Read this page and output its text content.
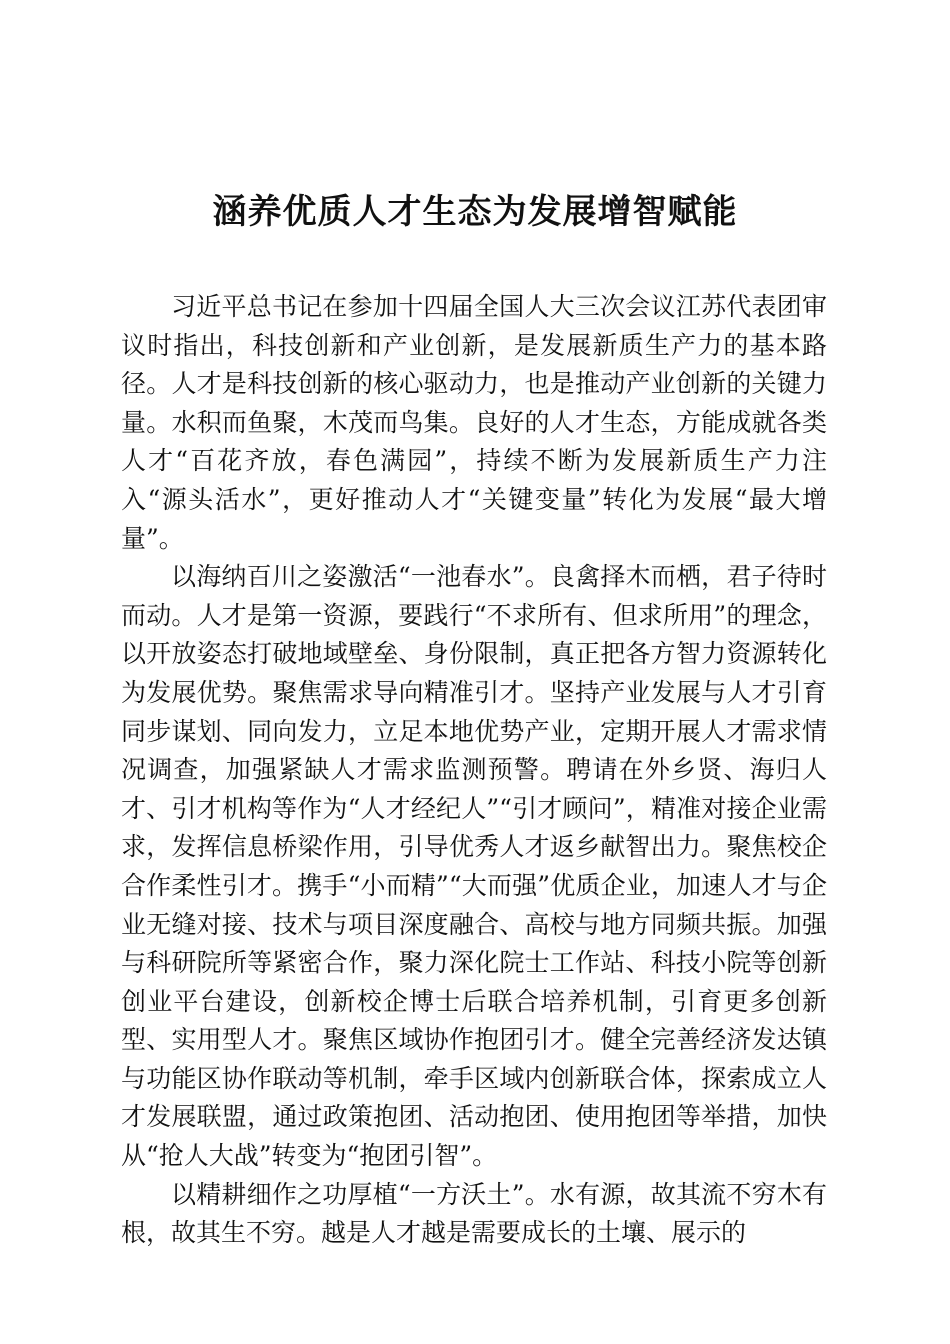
涵养优质人才生态为发展增智赋能

习近平总书记在参加十四届全国人大三次会议江苏代表团审议时指出，科技创新和产业创新，是发展新质生产力的基本路径。人才是科技创新的核心驱动力，也是推动产业创新的关键力量。水积而鱼聚，木茂而鸟集。良好的人才生态，方能成就各类人才“百花齐放，春色满园”，持续不断为发展新质生产力注入“源头活水”，更好推动人才“关键变量”转化为发展“最大增量”。

以海纳百川之姿激活“一池春水”。良禽择木而栖，君子待时而动。人才是第一资源，要践行“不求所有、但求所用”的理念，以开放姿态打破地域壁垒、身份限制，真正把各方智力资源转化为发展优势。聚焦需求导向精准引才。坚持产业发展与人才引育同步谋划、同向发力，立足本地优势产业，定期开展人才需求情况调查，加强紧缺人才需求监测预警。聘请在外乡贤、海归人才、引才机构等作为“人才经纪人”“引才顾问”，精准对接企业需求，发挥信息桥梁作用，引导优秀人才返乡献智出力。聚焦校企合作柔性引才。携手“小而精”“大而强”优质企业，加速人才与企业无缝对接、技术与项目深度融合、高校与地方同频共振。加强与科研院所等紧密合作，聚力深化院士工作站、科技小院等创新创业平台建设，创新校企博士后联合培养机制，引育更多创新型、实用型人才。聚焦区域协作抱团引才。健全完善经济发达镇与功能区协作联动等机制，牵手区域内创新联合体，探索成立人才发展联盟，通过政策抱团、活动抱团、使用抱团等举措，加快从“抢人大战”转变为“抱团引智”。

以精耕细作之功厚植“一方沃土”。水有源，故其流不穷木有根，故其生不穷。越是人才越是需要成长的土壤、展示的
